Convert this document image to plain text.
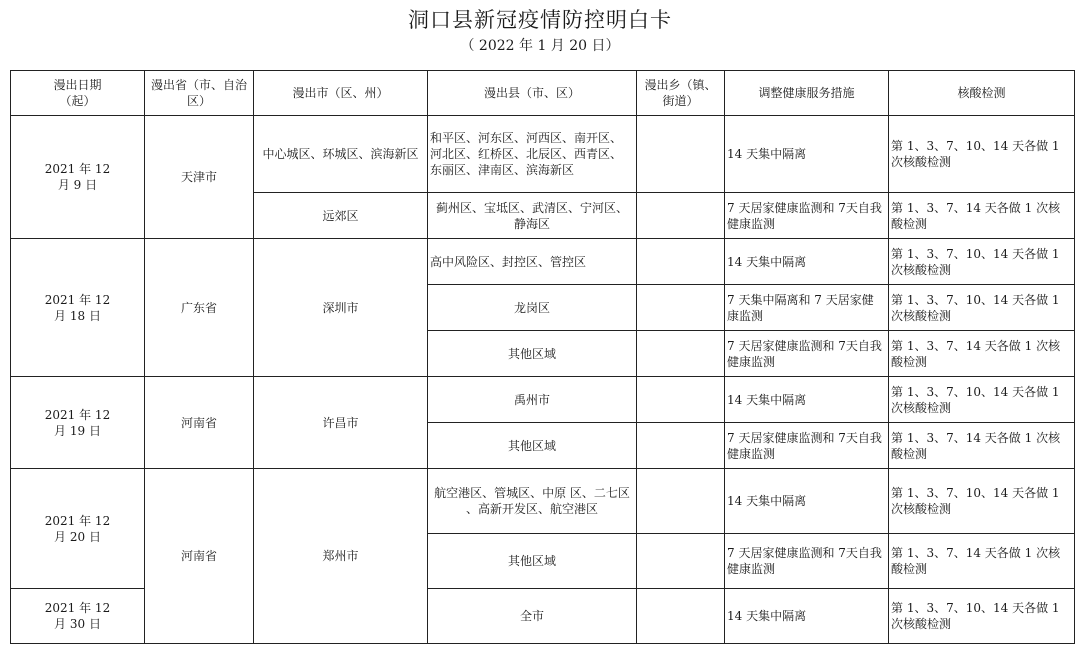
洞口县新冠疫情防控明白卡
（ 2022 年 1 月 20 日）
漫出日期
（起）	漫出省（市、自治
区）	漫出市（区、州）	漫出县（市、区）	漫出乡（镇、
街道）	调整健康服务措施	核酸检测
2021 年 12
月 9 日	天津市	中心城区、环城区、滨海新区	和平区、河东区、河西区、南开区、
河北区、红桥区、北辰区、西青区、
东丽区、津南区、滨海新区		14 天集中隔离	第 1、3、7、10、14 天各做 1
次核酸检测
		远郊区	蓟州区、宝坻区、武清区、宁河区、
静海区		7 天居家健康监测和 7天自我
健康监测	第 1、3、7、14 天各做 1 次核
酸检测
2021 年 12
月 18 日	广东省	深圳市	高中风险区、封控区、管控区		14 天集中隔离	第 1、3、7、10、14 天各做 1
次核酸检测
			龙岗区		7 天集中隔离和 7 天居家健
康监测	第 1、3、7、10、14 天各做 1
次核酸检测
			其他区域		7 天居家健康监测和 7天自我
健康监测	第 1、3、7、14 天各做 1 次核
酸检测
2021 年 12
月 19 日	河南省	许昌市	禹州市		14 天集中隔离	第 1、3、7、10、14 天各做 1
次核酸检测
			其他区域		7 天居家健康监测和 7天自我
健康监测	第 1、3、7、14 天各做 1 次核
酸检测
2021 年 12
月 20 日	河南省	郑州市	航空港区、管城区、中原 区、二七区
、高新开发区、航空港区		14 天集中隔离	第 1、3、7、10、14 天各做 1
次核酸检测
			其他区域		7 天居家健康监测和 7天自我
健康监测	第 1、3、7、14 天各做 1 次核
酸检测
2021 年 12
月 30 日			全市		14 天集中隔离	第 1、3、7、10、14 天各做 1
次核酸检测
